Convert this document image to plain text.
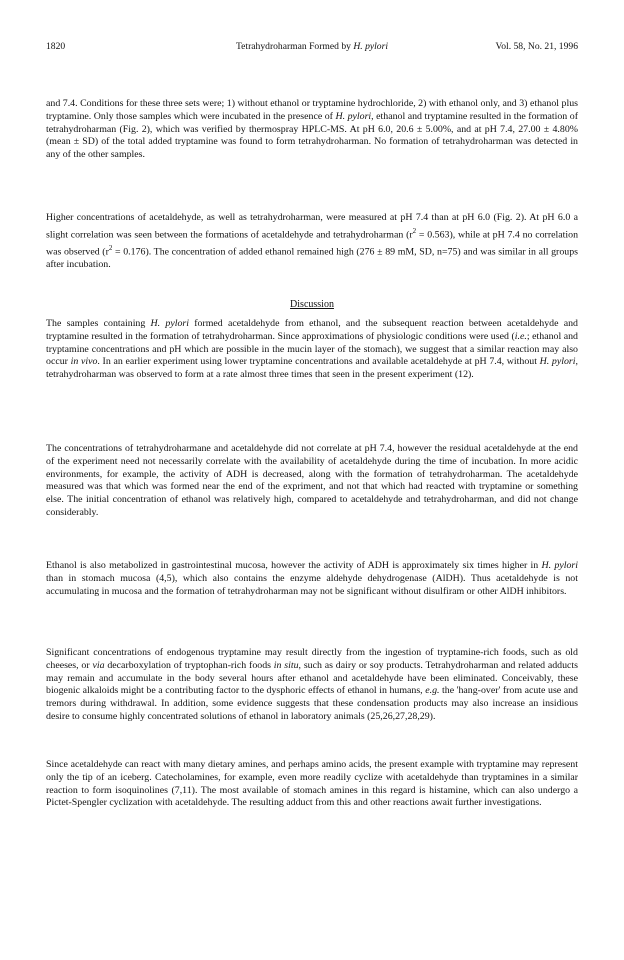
1820	Tetrahydroharman Formed by H. pylori	Vol. 58, No. 21, 1996

and 7.4. Conditions for these three sets were; 1) without ethanol or tryptamine hydrochloride, 2) with ethanol only, and 3) ethanol plus tryptamine. Only those samples which were incubated in the presence of H. pylori, ethanol and tryptamine resulted in the formation of tetrahydroharman (Fig. 2), which was verified by thermospray HPLC-MS. At pH 6.0, 20.6 ± 5.00%, and at pH 7.4, 27.00 ± 4.80% (mean ± SD) of the total added tryptamine was found to form tetrahydroharman. No formation of tetrahydroharman was detected in any of the other samples.

Higher concentrations of acetaldehyde, as well as tetrahydroharman, were measured at pH 7.4 than at pH 6.0 (Fig. 2). At pH 6.0 a slight correlation was seen between the formations of acetaldehyde and tetrahydroharman $(r^2 = 0.563)$, while at pH 7.4 no correlation was observed $(r^2 = 0.176)$. The concentration of added ethanol remained high (276 ± 89 mM, SD, n=75) and was similar in all groups after incubation.

Discussion

The samples containing H. pylori formed acetaldehyde from ethanol, and the subsequent reaction between acetaldehyde and tryptamine resulted in the formation of tetrahydroharman. Since approximations of physiologic conditions were used (i.e.; ethanol and tryptamine concentrations and pH which are possible in the mucin layer of the stomach), we suggest that a similar reaction may also occur in vivo. In an earlier experiment using lower tryptamine concentrations and available acetaldehyde at pH 7.4, without H. pylori, tetrahydroharman was observed to form at a rate almost three times that seen in the present experiment (12).

The concentrations of tetrahydroharmane and acetaldehyde did not correlate at pH 7.4, however the residual acetaldehyde at the end of the experiment need not necessarily correlate with the availability of acetaldehyde during the time of incubation. In more acidic environments, for example, the activity of ADH is decreased, along with the formation of tetrahydroharman. The acetaldehyde measured was that which was formed near the end of the expriment, and not that which had reacted with tryptamine or something else. The initial concentration of ethanol was relatively high, compared to acetaldehyde and tetrahydroharman, and did not change considerably.

Ethanol is also metabolized in gastrointestinal mucosa, however the activity of ADH is approximately six times higher in H. pylori than in stomach mucosa (4,5), which also contains the enzyme aldehyde dehydrogenase (AlDH). Thus acetaldehyde is not accumulating in mucosa and the formation of tetrahydroharman may not be significant without disulfiram or other AlDH inhibitors.

Significant concentrations of endogenous tryptamine may result directly from the ingestion of tryptamine-rich foods, such as old cheeses, or via decarboxylation of tryptophan-rich foods in situ, such as dairy or soy products. Tetrahydroharman and related adducts may remain and accumulate in the body several hours after ethanol and acetaldehyde have been eliminated. Conceivably, these biogenic alkaloids might be a contributing factor to the dysphoric effects of ethanol in humans, e.g. the 'hang-over' from acute use and tremors during withdrawal. In addition, some evidence suggests that these condensation products may also increase an insidious desire to consume highly concentrated solutions of ethanol in laboratory animals (25,26,27,28,29).

Since acetaldehyde can react with many dietary amines, and perhaps amino acids, the present example with tryptamine may represent only the tip of an iceberg. Catecholamines, for example, even more readily cyclize with acetaldehyde than tryptamines in a similar reaction to form isoquinolines (7,11). The most available of stomach amines in this regard is histamine, which can also undergo a Pictet-Spengler cyclization with acetaldehyde. The resulting adduct from this and other reactions await further investigations.
